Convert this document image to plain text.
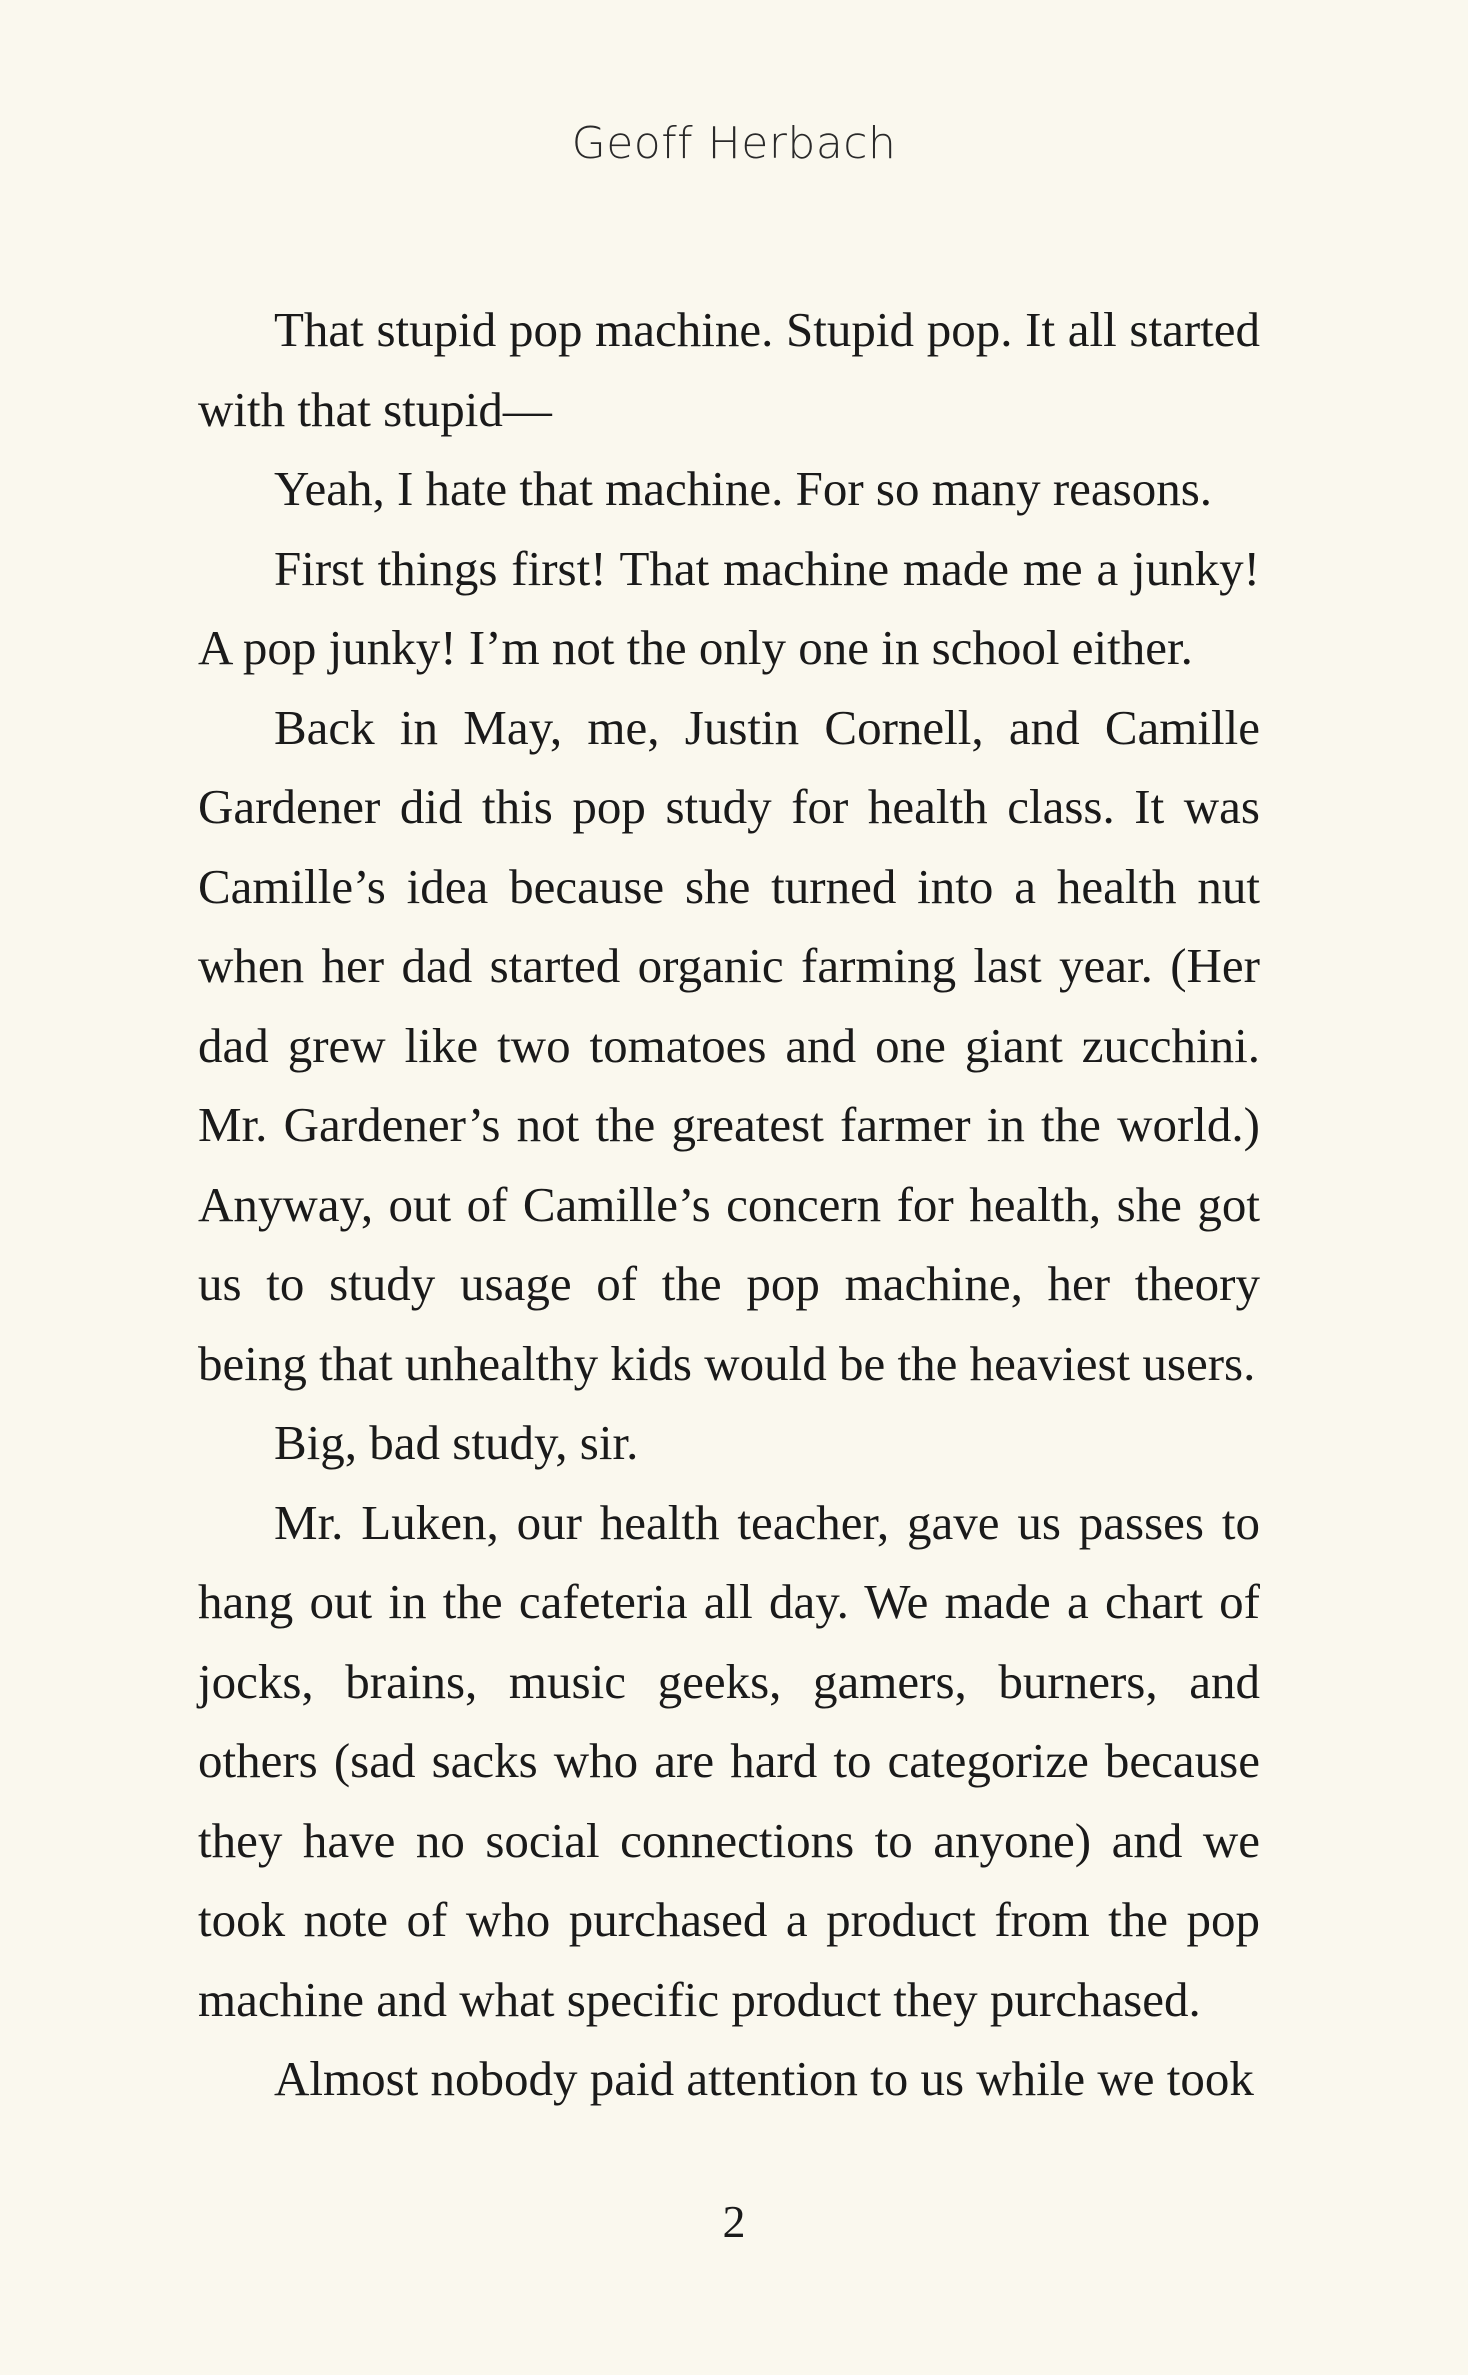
Geoff Herbach

That stupid pop machine. Stupid pop. It all started with that stupid—

Yeah, I hate that machine. For so many reasons.

First things first! That machine made me a junky! A pop junky! I’m not the only one in school either.

Back in May, me, Justin Cornell, and Camille Gardener did this pop study for health class. It was Camille’s idea because she turned into a health nut when her dad started organic farming last year. (Her dad grew like two tomatoes and one giant zucchini. Mr. Gardener’s not the greatest farmer in the world.) Anyway, out of Camille’s concern for health, she got us to study usage of the pop machine, her theory being that unhealthy kids would be the heaviest users.

Big, bad study, sir.

Mr. Luken, our health teacher, gave us passes to hang out in the cafeteria all day. We made a chart of jocks, brains, music geeks, gamers, burners, and others (sad sacks who are hard to categorize because they have no social connections to anyone) and we took note of who purchased a product from the pop machine and what specific product they purchased.

Almost nobody paid attention to us while we took

2
